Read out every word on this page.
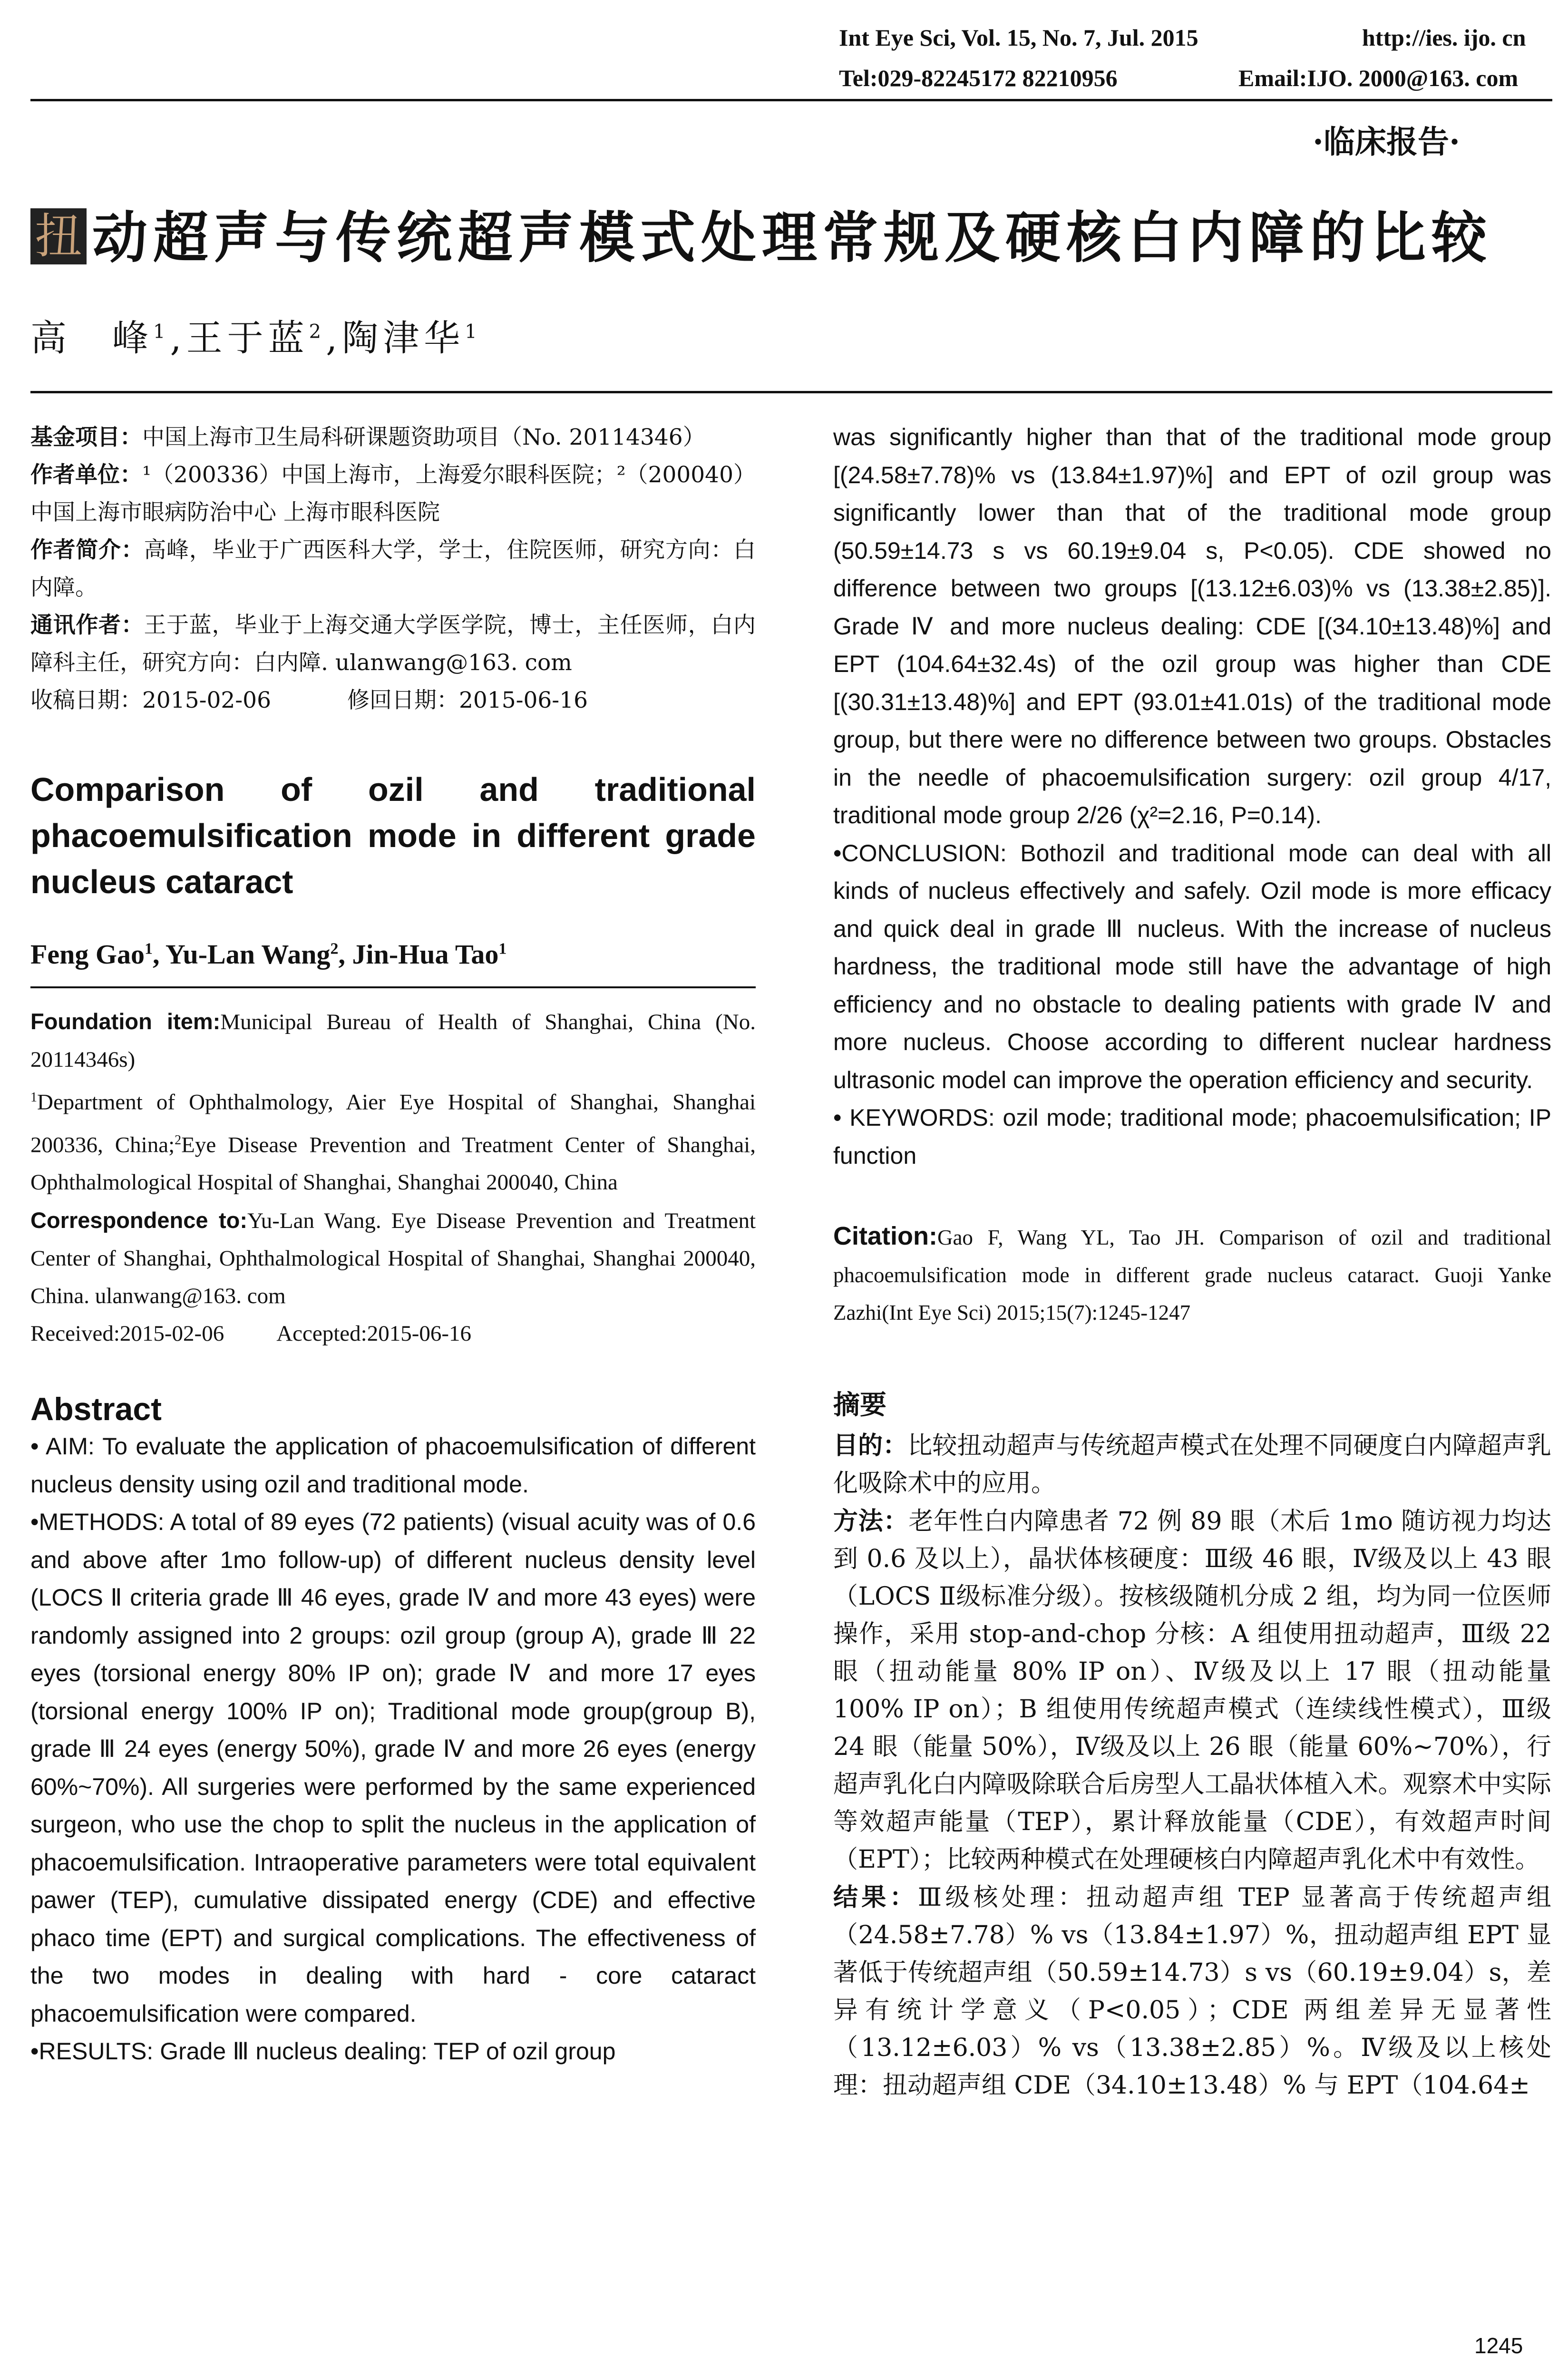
Int Eye Sci, Vol. 15, No. 7, Jul. 2015	http://ies. ijo. cn
Tel:029-82245172 82210956	Email:IJO. 2000@163. com
·临床报告·
扭 动超声与传统超声模式处理常规及硬核白内障的比较
高　峰$^1$,王于蓝$^2$,陶津华$^1$
基金项目：中国上海市卫生局科研课题资助项目（No. 20114346）
作者单位：¹（200336）中国上海市，上海爱尔眼科医院；²（200040）中国上海市眼病防治中心 上海市眼科医院
作者简介：高峰，毕业于广西医科大学，学士，住院医师，研究方向：白内障。
通讯作者：王于蓝，毕业于上海交通大学医学院，博士，主任医师，白内障科主任，研究方向：白内障. ulanwang@163. com
收稿日期：2015-02-06	修回日期：2015-06-16

Comparison of ozil and traditional phacoemulsification mode in different grade nucleus cataract

Feng Gao$^1$, Yu-Lan Wang$^2$, Jin-Hua Tao$^1$

Foundation item:Municipal Bureau of Health of Shanghai, China (No. 20114346s)

$^1$Department of Ophthalmology, Aier Eye Hospital of Shanghai, Shanghai 200336, China;$^2$Eye Disease Prevention and Treatment Center of Shanghai, Ophthalmological Hospital of Shanghai, Shanghai 200040, China

Correspondence to:Yu-Lan Wang. Eye Disease Prevention and Treatment Center of Shanghai, Ophthalmological Hospital of Shanghai, Shanghai 200040, China. ulanwang@163. com

Received:2015-02-06 Accepted:2015-06-16

Abstract

• AIM: To evaluate the application of phacoemulsification of different nucleus density using ozil and traditional mode.

•METHODS: A total of 89 eyes (72 patients) (visual acuity was of 0.6 and above after 1mo follow-up) of different nucleus density level (LOCS Ⅱ criteria grade Ⅲ 46 eyes, grade Ⅳ and more 43 eyes) were randomly assigned into 2 groups: ozil group (group A), grade Ⅲ 22 eyes (torsional energy 80% IP on); grade Ⅳ and more 17 eyes (torsional energy 100% IP on); Traditional mode group(group B), grade Ⅲ 24 eyes (energy 50%), grade Ⅳ and more 26 eyes (energy 60%~70%). All surgeries were performed by the same experienced surgeon, who use the chop to split the nucleus in the application of phacoemulsification. Intraoperative parameters were total equivalent pawer (TEP), cumulative dissipated energy (CDE) and effective phaco time (EPT) and surgical complications. The effectiveness of the two modes in dealing with hard - core cataract phacoemulsification were compared.

•RESULTS: Grade Ⅲ nucleus dealing: TEP of ozil group

was significantly higher than that of the traditional mode group [(24.58±7.78)% vs (13.84±1.97)%] and EPT of ozil group was significantly lower than that of the traditional mode group (50.59±14.73 s vs 60.19±9.04 s, P<0.05). CDE showed no difference between two groups [(13.12±6.03)% vs (13.38±2.85)]. Grade Ⅳ and more nucleus dealing: CDE [(34.10±13.48)%] and EPT (104.64±32.4s) of the ozil group was higher than CDE [(30.31±13.48)%] and EPT (93.01±41.01s) of the traditional mode group, but there were no difference between two groups. Obstacles in the needle of phacoemulsification surgery: ozil group 4/17, traditional mode group 2/26 (χ²=2.16, P=0.14).

•CONCLUSION: Bothozil and traditional mode can deal with all kinds of nucleus effectively and safely. Ozil mode is more efficacy and quick deal in grade Ⅲ nucleus. With the increase of nucleus hardness, the traditional mode still have the advantage of high efficiency and no obstacle to dealing patients with grade Ⅳ and more nucleus. Choose according to different nuclear hardness ultrasonic model can improve the operation efficiency and security.

• KEYWORDS: ozil mode; traditional mode; phacoemulsification; IP function

Citation:Gao F, Wang YL, Tao JH. Comparison of ozil and traditional phacoemulsification mode in different grade nucleus cataract. Guoji Yanke Zazhi(Int Eye Sci) 2015;15(7):1245-1247

摘要

目的：比较扭动超声与传统超声模式在处理不同硬度白内障超声乳化吸除术中的应用。

方法：老年性白内障患者 72 例 89 眼（术后 1mo 随访视力均达到 0.6 及以上），晶状体核硬度：Ⅲ级 46 眼，Ⅳ级及以上 43 眼（LOCS Ⅱ级标准分级）。按核级随机分成 2 组，均为同一位医师操作，采用 stop-and-chop 分核：A 组使用扭动超声，Ⅲ级 22 眼（扭动能量 80% IP on）、Ⅳ级及以上 17 眼（扭动能量 100% IP on）；B 组使用传统超声模式（连续线性模式），Ⅲ级 24 眼（能量 50%），Ⅳ级及以上 26 眼（能量 60%~70%），行超声乳化白内障吸除联合后房型人工晶状体植入术。观察术中实际等效超声能量（TEP），累计释放能量（CDE），有效超声时间（EPT）；比较两种模式在处理硬核白内障超声乳化术中有效性。

结果：Ⅲ级核处理：扭动超声组 TEP 显著高于传统超声组（24.58±7.78）% vs（13.84±1.97）%，扭动超声组 EPT 显著低于传统超声组（50.59±14.73）s vs（60.19±9.04）s，差异有统计学意义（P<0.05）；CDE 两组差异无显著性（13.12±6.03）% vs（13.38±2.85）%。Ⅳ级及以上核处理：扭动超声组 CDE（34.10±13.48）% 与 EPT（104.64±

1245
